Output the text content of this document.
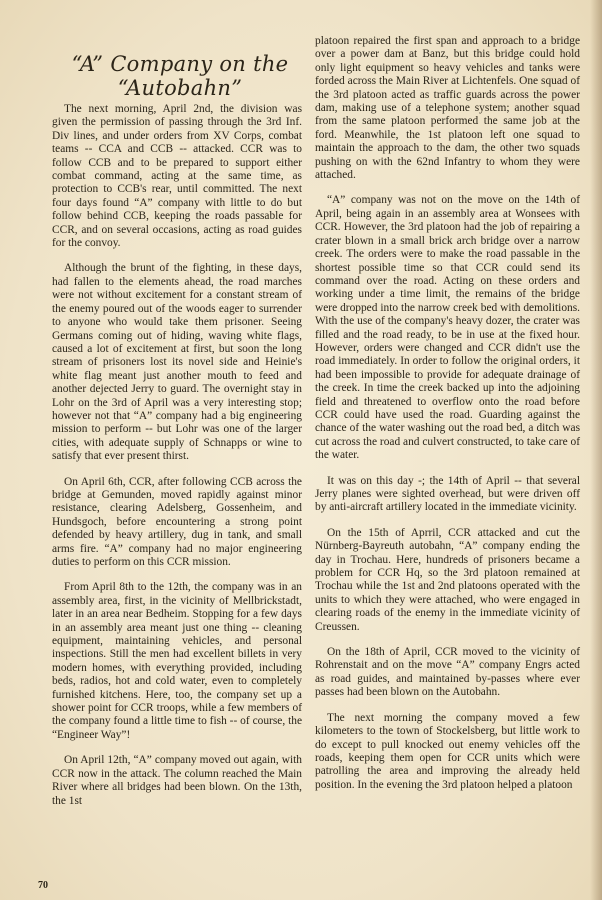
“A” Company on the “Autobahn”

The next morning, April 2nd, the division was given the permission of passing through the 3rd Inf. Div lines, and under orders from XV Corps, combat teams -- CCA and CCB -- attacked. CCR was to follow CCB and to be prepared to support either combat command, acting at the same time, as protection to CCB's rear, until committed. The next four days found “A” company with little to do but follow behind CCB, keeping the roads passable for CCR, and on several occasions, acting as road guides for the convoy.

Although the brunt of the fighting, in these days, had fallen to the elements ahead, the road marches were not without excitement for a constant stream of the enemy poured out of the woods eager to surrender to anyone who would take them prisoner. Seeing Germans coming out of hiding, waving white flags, caused a lot of excitement at first, but soon the long stream of prisoners lost its novel side and Heinie's white flag meant just another mouth to feed and another dejected Jerry to guard. The overnight stay in Lohr on the 3rd of April was a very interesting stop; however not that “A” company had a big engineering mission to perform -- but Lohr was one of the larger cities, with adequate supply of Schnapps or wine to satisfy that ever present thirst.

On April 6th, CCR, after following CCB across the bridge at Gemunden, moved rapidly against minor resistance, clearing Adelsberg, Gossenheim, and Hundsgoch, before encountering a strong point defended by heavy artillery, dug in tank, and small arms fire. “A” company had no major engineering duties to perform on this CCR mission.

From April 8th to the 12th, the company was in an assembly area, first, in the vicinity of Mellbrickstadt, later in an area near Bedheim. Stopping for a few days in an assembly area meant just one thing -- cleaning equipment, maintaining vehicles, and personal inspections. Still the men had excellent billets in very modern homes, with everything provided, including beds, radios, hot and cold water, even to completely furnished kitchens. Here, too, the company set up a shower point for CCR troops, while a few members of the company found a little time to fish -- of course, the “Engineer Way”!

On April 12th, “A” company moved out again, with CCR now in the attack. The column reached the Main River where all bridges had been blown. On the 13th, the 1st

platoon repaired the first span and approach to a bridge over a power dam at Banz, but this bridge could hold only light equipment so heavy vehicles and tanks were forded across the Main River at Lichtenfels. One squad of the 3rd platoon acted as traffic guards across the power dam, making use of a telephone system; another squad from the same platoon performed the same job at the ford. Meanwhile, the 1st platoon left one squad to maintain the approach to the dam, the other two squads pushing on with the 62nd Infantry to whom they were attached.

“A” company was not on the move on the 14th of April, being again in an assembly area at Wonsees with CCR. However, the 3rd platoon had the job of repairing a crater blown in a small brick arch bridge over a narrow creek. The orders were to make the road passable in the shortest possible time so that CCR could send its command over the road. Acting on these orders and working under a time limit, the remains of the bridge were dropped into the narrow creek bed with demolitions. With the use of the company's heavy dozer, the crater was filled and the road ready, to be in use at the fixed hour. However, orders were changed and CCR didn't use the road immediately. In order to follow the original orders, it had been impossible to provide for adequate drainage of the creek. In time the creek backed up into the adjoining field and threatened to overflow onto the road before CCR could have used the road. Guarding against the chance of the water washing out the road bed, a ditch was cut across the road and culvert constructed, to take care of the water.

It was on this day -; the 14th of April -- that several Jerry planes were sighted overhead, but were driven off by anti-aircraft artillery located in the immediate vicinity.

On the 15th of Aprril, CCR attacked and cut the Nürnberg-Bayreuth autobahn, “A” company ending the day in Trochau. Here, hundreds of prisoners became a problem for CCR Hq, so the 3rd platoon remained at Trochau while the 1st and 2nd platoons operated with the units to which they were attached, who were engaged in clearing roads of the enemy in the immediate vicinity of Creussen.

On the 18th of April, CCR moved to the vicinity of Rohrenstait and on the move “A” company Engrs acted as road guides, and maintained by-passes where ever passes had been blown on the Autobahn.

The next morning the company moved a few kilometers to the town of Stockelsberg, but little work to do except to pull knocked out enemy vehicles off the roads, keeping them open for CCR units which were patrolling the area and improving the already held position. In the evening the 3rd platoon helped a platoon

70
